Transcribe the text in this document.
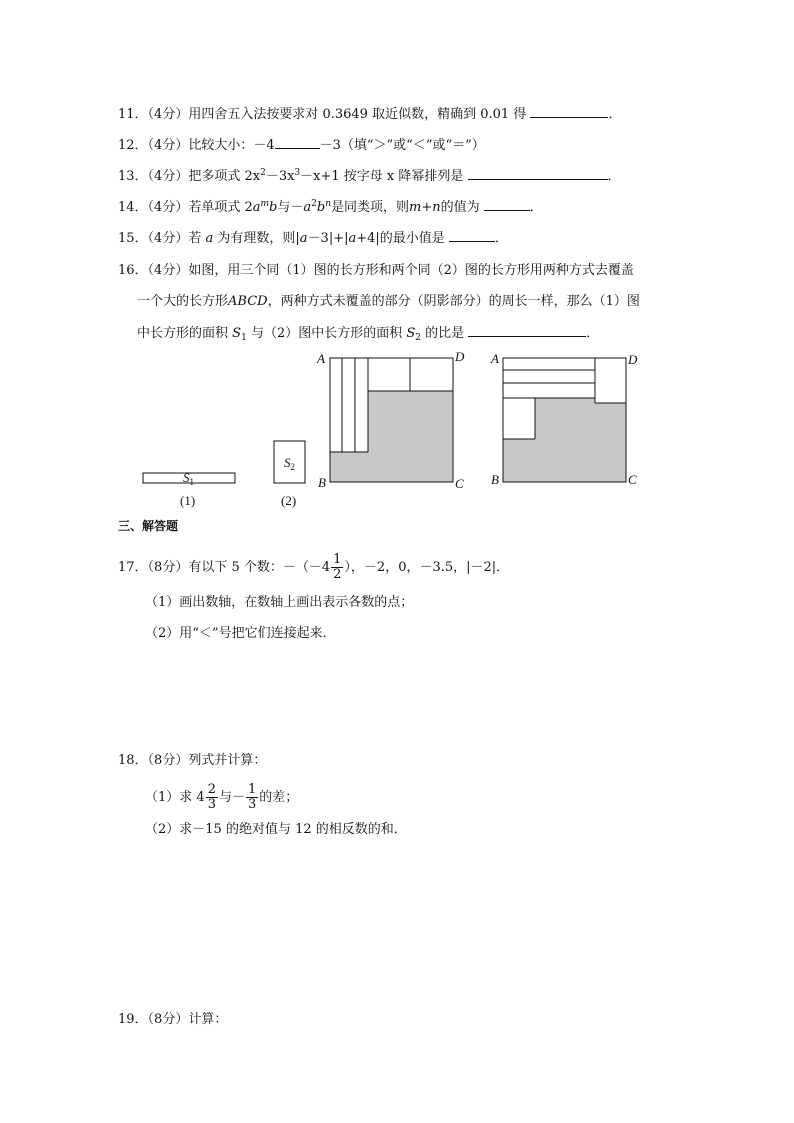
11．（4分）用四舍五入法按要求对 0.3649 取近似数，精确到 0.01 得	．
12．（4分）比较大小：－4	－3（填“＞”或“＜”或“＝”）
13．（4分）把多项式 $2x^2-3x^3-x+1$ 按字母 x 降幂排列是	．
14．（4分）若单项式 $2a^mb$与$-a^2b^n$是同类项，则m+n的值为	．
15．（4分）若 a 为有理数，则|a－3|+|a+4|的最小值是	．
16．（4分）如图，用三个同（1）图的长方形和两个同（2）图的长方形用两种方式去覆盖
一个大的长方形ABCD，两种方式未覆盖的部分（阴影部分）的周长一样，那么（1）图
中长方形的面积 $S_1$ 与（2）图中长方形的面积 $S_2$ 的比是	．
$S_1$
(1)
$S_2$
(2)
A	D
B	C
A	D
B	C
三、解答题
17．（8分）有以下 5 个数：$-(-4 \frac{1}{2}$ ），－2，0，－3.5，|－2|．
（1）画出数轴，在数轴上画出表示各数的点；
（2）用“＜”号把它们连接起来．
18．（8分）列式并计算：
（1）求 $4 \frac{2}{3}$ 与－ $\frac{1}{3}$ 的差；
（2）求－15 的绝对值与 12 的相反数的和．
19．（8分）计算：
